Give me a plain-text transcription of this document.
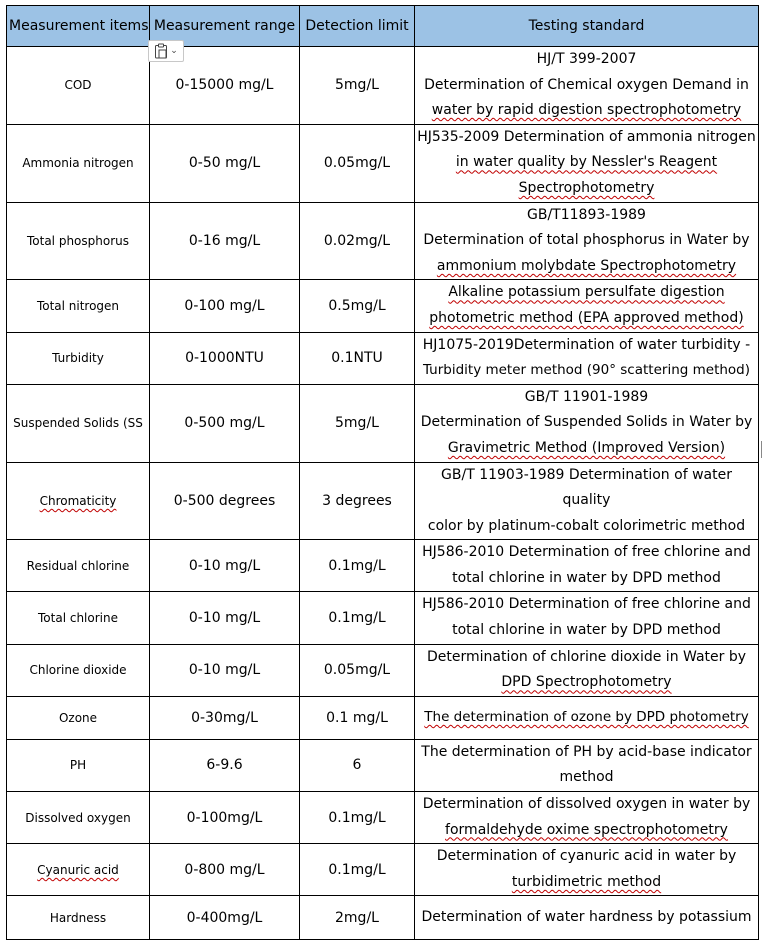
Measurement items	Measurement range	Detection limit	Testing standard
COD	0-15000 mg/L	5mg/L	HJ/T 399-2007
Determination of Chemical oxygen Demand in
water by rapid digestion spectrophotometry

Ammonia nitrogen	0-50 mg/L	0.05mg/L	HJ535-2009 Determination of ammonia nitrogen
in water quality by Nessler's Reagent
Spectrophotometry

Total phosphorus	0-16 mg/L	0.02mg/L	GB/T11893-1989
Determination of total phosphorus in Water by
ammonium molybdate Spectrophotometry

Total nitrogen	0-100 mg/L	0.5mg/L	Alkaline potassium persulfate digestion
photometric method (EPA approved method)

Turbidity	0-1000NTU	0.1NTU	HJ1075-2019Determination of water turbidity -
Turbidity meter method (90° scattering method)

Suspended Solids (SS	0-500 mg/L	5mg/L	GB/T 11901-1989
Determination of Suspended Solids in Water by
Gravimetric Method (Improved Version)

Chromaticity	0-500 degrees	3 degrees	GB/T 11903-1989 Determination of water quality
color by platinum-cobalt colorimetric method

Residual chlorine	0-10 mg/L	0.1mg/L	HJ586-2010 Determination of free chlorine and
total chlorine in water by DPD method

Total chlorine	0-10 mg/L	0.1mg/L	HJ586-2010 Determination of free chlorine and
total chlorine in water by DPD method

Chlorine dioxide	0-10 mg/L	0.05mg/L	Determination of chlorine dioxide in Water by
DPD Spectrophotometry

Ozone	0-30mg/L	0.1 mg/L	The determination of ozone by DPD photometry

PH	6-9.6	6	The determination of PH by acid-base indicator
method

Dissolved oxygen	0-100mg/L	0.1mg/L	Determination of dissolved oxygen in water by
formaldehyde oxime spectrophotometry

Cyanuric acid	0-800 mg/L	0.1mg/L	Determination of cyanuric acid in water by
turbidimetric method

Hardness	0-400mg/L	2mg/L	Determination of water hardness by potassium
⌄
